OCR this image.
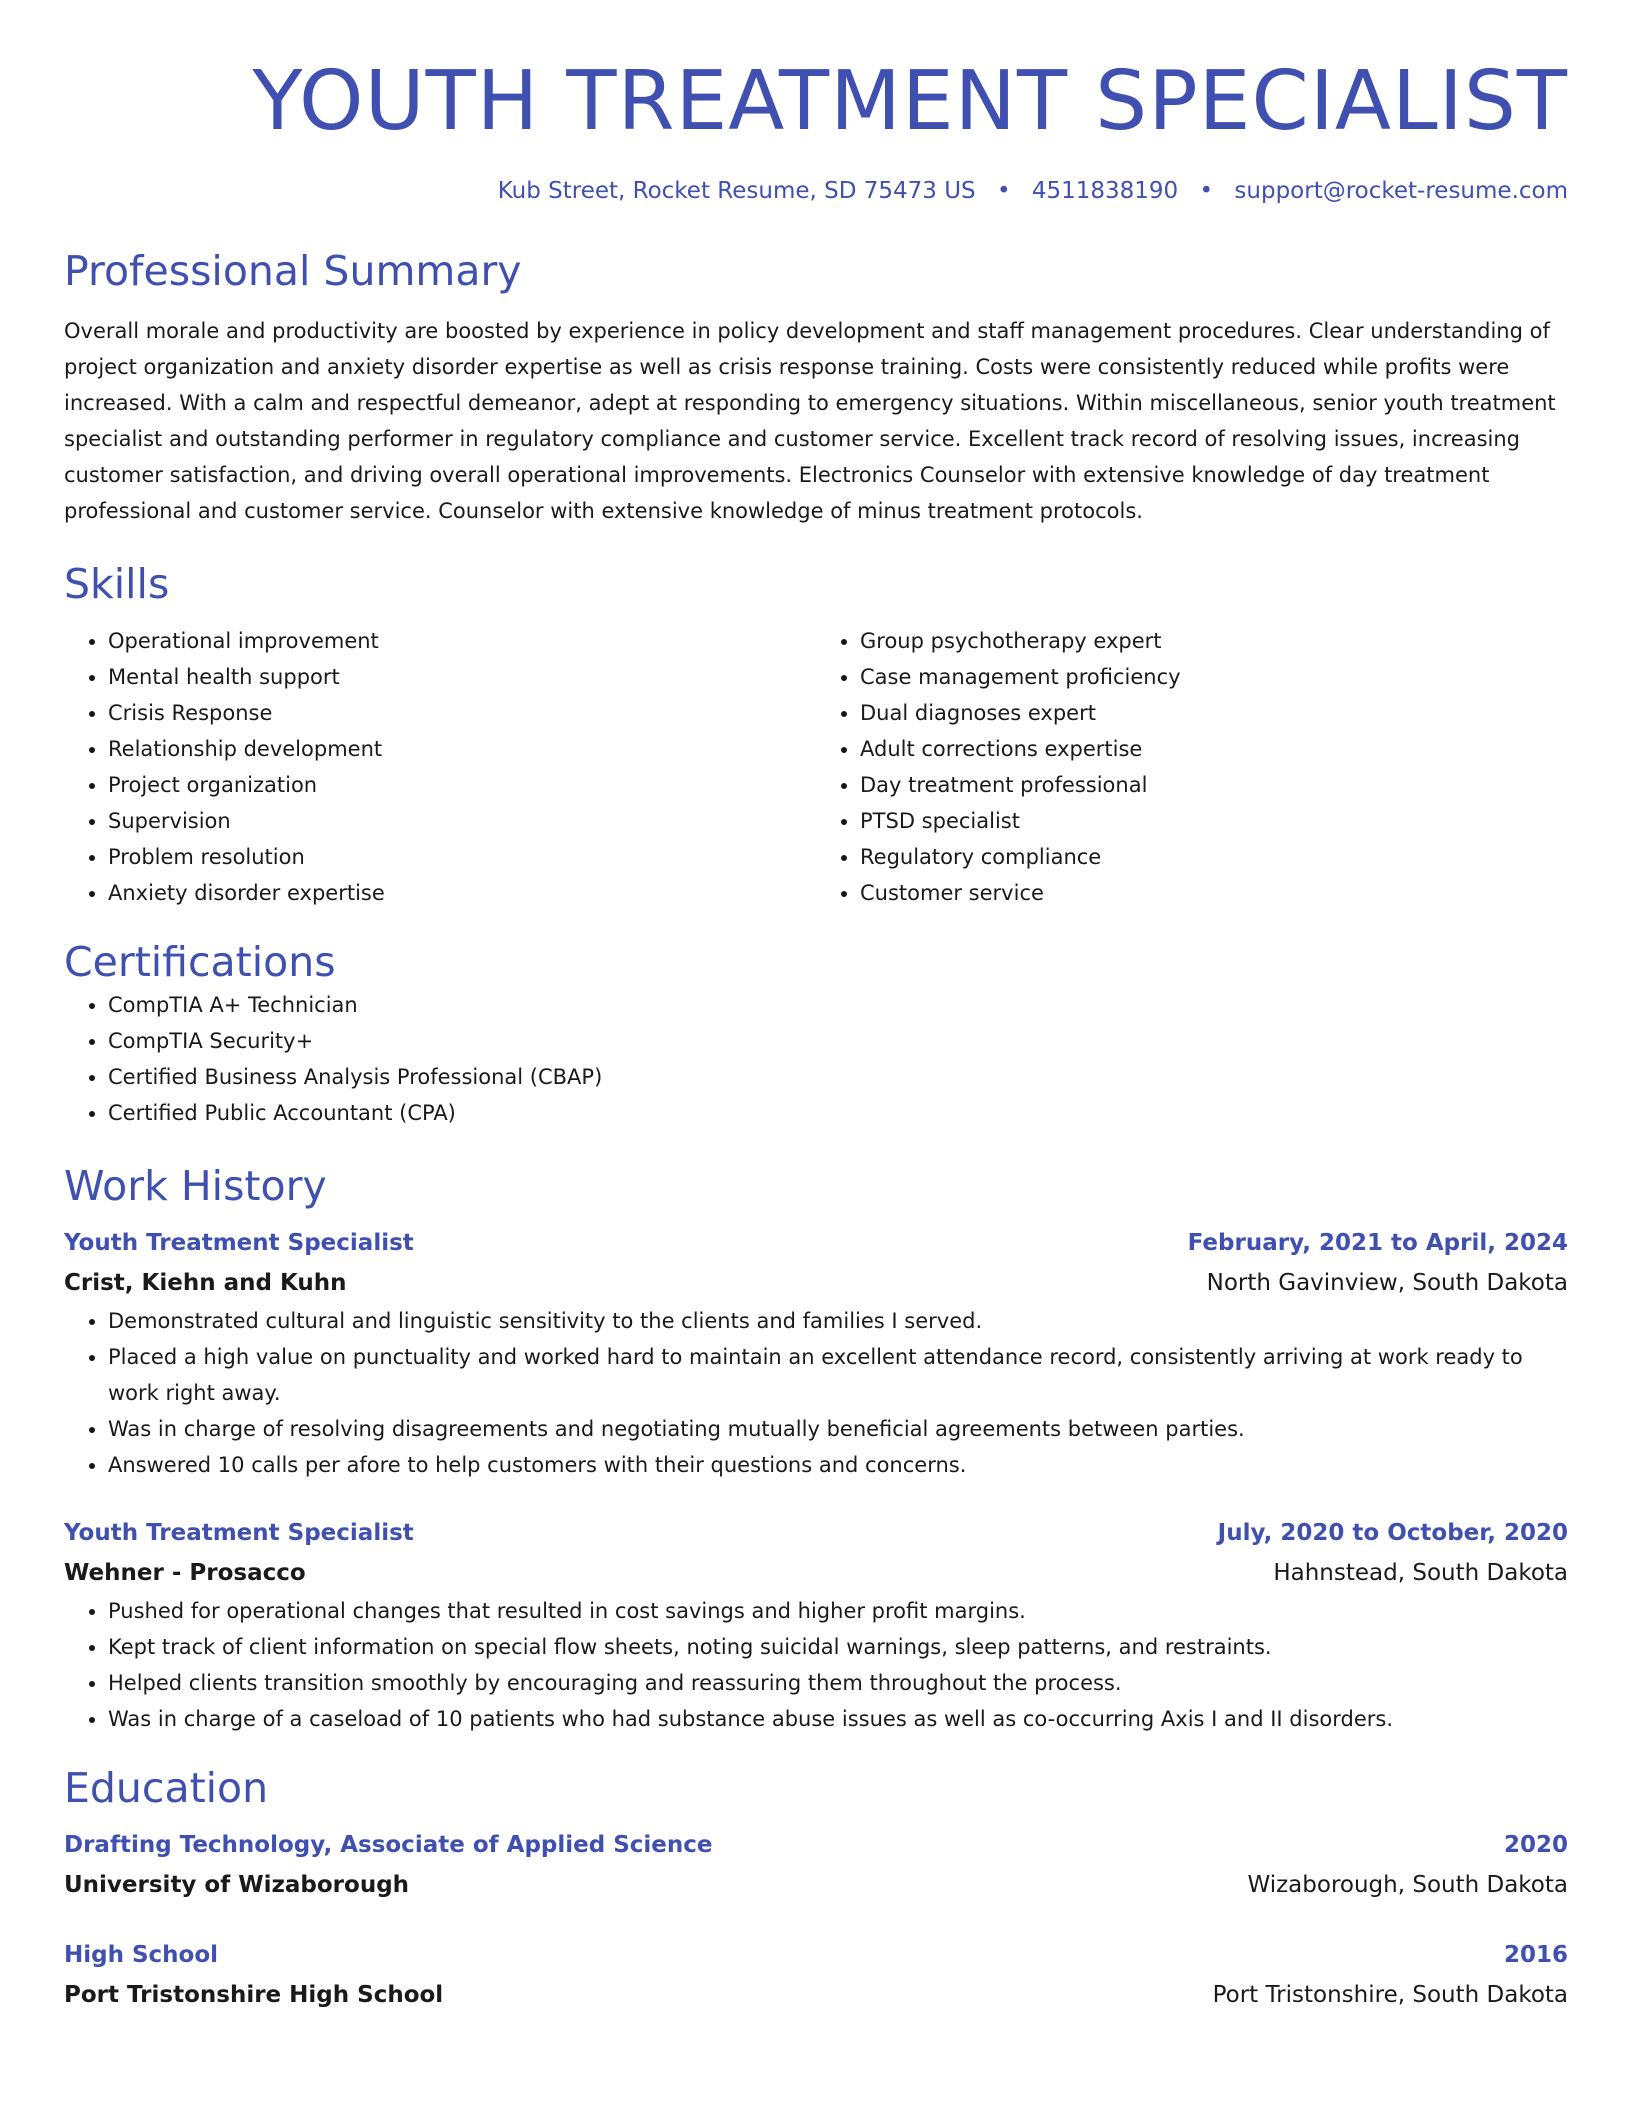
YOUTH TREATMENT SPECIALIST
Kub Street, Rocket Resume, SD 75473 US • 4511838190 • support@rocket-resume.com
Professional Summary

Overall morale and productivity are boosted by experience in policy development and staff management procedures. Clear understanding of project organization and anxiety disorder expertise as well as crisis response training. Costs were consistently reduced while profits were increased. With a calm and respectful demeanor, adept at responding to emergency situations. Within miscellaneous, senior youth treatment specialist and outstanding performer in regulatory compliance and customer service. Excellent track record of resolving issues, increasing customer satisfaction, and driving overall operational improvements. Electronics Counselor with extensive knowledge of day treatment professional and customer service. Counselor with extensive knowledge of minus treatment protocols.

Skills
• Operational improvement
• Mental health support
• Crisis Response
• Relationship development
• Project organization
• Supervision
• Problem resolution
• Anxiety disorder expertise
• Group psychotherapy expert
• Case management proficiency
• Dual diagnoses expert
• Adult corrections expertise
• Day treatment professional
• PTSD specialist
• Regulatory compliance
• Customer service
Certifications
• CompTIA A+ Technician
• CompTIA Security+
• Certified Business Analysis Professional (CBAP)
• Certified Public Accountant (CPA)
Work History
Youth Treatment Specialist	February, 2021 to April, 2024
Crist, Kiehn and Kuhn	North Gavinview, South Dakota
• Demonstrated cultural and linguistic sensitivity to the clients and families I served.
• Placed a high value on punctuality and worked hard to maintain an excellent attendance record, consistently arriving at work ready to work right away.
• Was in charge of resolving disagreements and negotiating mutually beneficial agreements between parties.
• Answered 10 calls per afore to help customers with their questions and concerns.
Youth Treatment Specialist	July, 2020 to October, 2020
Wehner - Prosacco	Hahnstead, South Dakota
• Pushed for operational changes that resulted in cost savings and higher profit margins.
• Kept track of client information on special flow sheets, noting suicidal warnings, sleep patterns, and restraints.
• Helped clients transition smoothly by encouraging and reassuring them throughout the process.
• Was in charge of a caseload of 10 patients who had substance abuse issues as well as co-occurring Axis I and II disorders.
Education
Drafting Technology, Associate of Applied Science	2020
University of Wizaborough	Wizaborough, South Dakota
High School	2016
Port Tristonshire High School	Port Tristonshire, South Dakota
